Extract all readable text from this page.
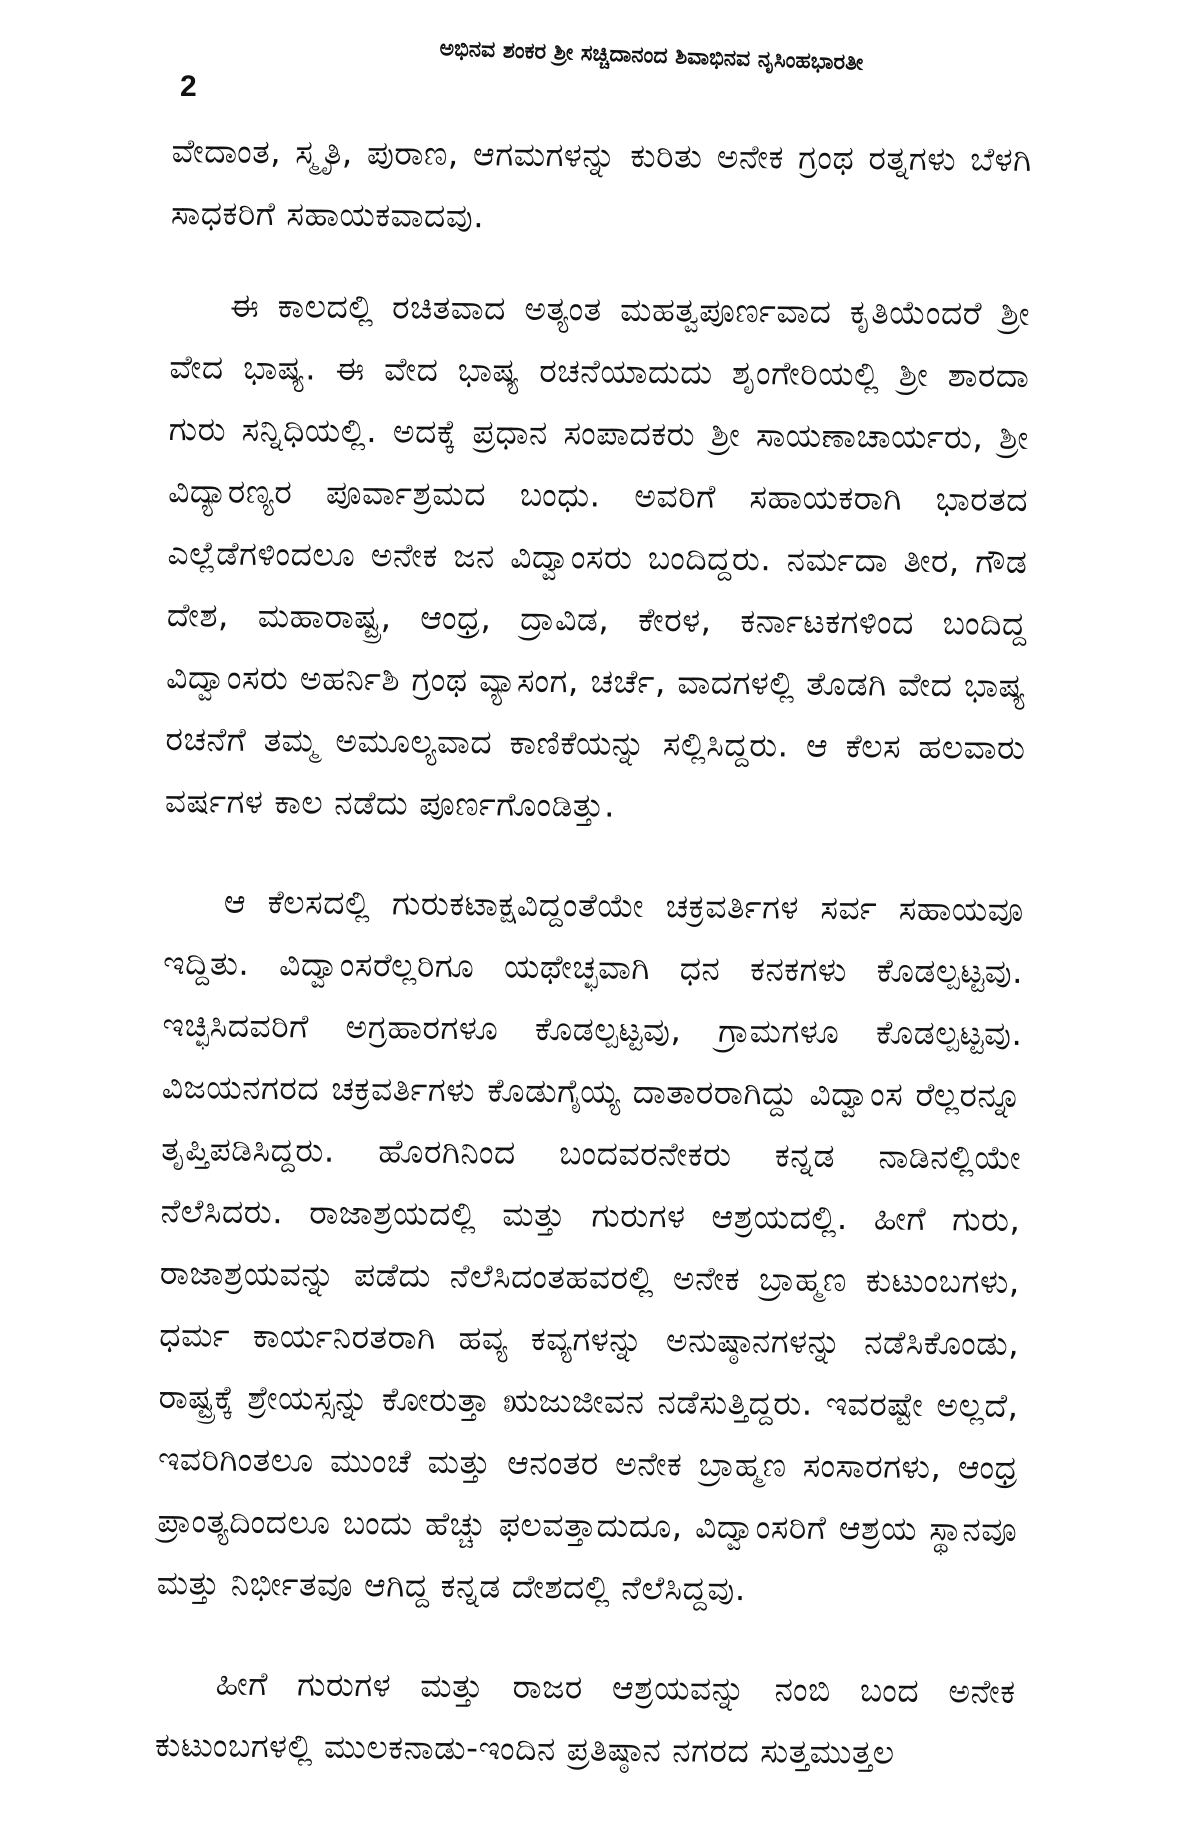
ಅಭಿನವ ಶಂಕರ ಶ್ರೀ ಸಚ್ಚಿದಾನಂದ ಶಿವಾಭಿನವ ನೃಸಿಂಹಭಾರತೀ
2

ವೇದಾಂತ, ಸ್ಮೃತಿ, ಪುರಾಣ, ಆಗಮಗಳನ್ನು ಕುರಿತು ಅನೇಕ ಗ್ರಂಥ ರತ್ನಗಳು ಬೆಳಗಿ ಸಾಧಕರಿಗೆ ಸಹಾಯಕವಾದವು.

ಈ ಕಾಲದಲ್ಲಿ ರಚಿತವಾದ ಅತ್ಯಂತ ಮಹತ್ವಪೂರ್ಣವಾದ ಕೃತಿಯೆಂದರೆ ಶ್ರೀ ವೇದ ಭಾಷ್ಯ. ಈ ವೇದ ಭಾಷ್ಯ ರಚನೆಯಾದುದು ಶೃಂಗೇರಿಯಲ್ಲಿ ಶ್ರೀ ಶಾರದಾ ಗುರು ಸನ್ನಿಧಿಯಲ್ಲಿ. ಅದಕ್ಕೆ ಪ್ರಧಾನ ಸಂಪಾದಕರು ಶ್ರೀ ಸಾಯಣಾಚಾರ್ಯರು, ಶ್ರೀ ವಿದ್ಯಾರಣ್ಯರ ಪೂರ್ವಾಶ್ರಮದ ಬಂಧು. ಅವರಿಗೆ ಸಹಾಯಕರಾಗಿ ಭಾರತದ ಎಲ್ಲೆಡೆಗಳಿಂದಲೂ ಅನೇಕ ಜನ ವಿದ್ವಾಂಸರು ಬಂದಿದ್ದರು. ನರ್ಮದಾ ತೀರ, ಗೌಡ ದೇಶ, ಮಹಾರಾಷ್ಟ್ರ, ಆಂಧ್ರ, ದ್ರಾವಿಡ, ಕೇರಳ, ಕರ್ನಾಟಕಗಳಿಂದ ಬಂದಿದ್ದ ವಿದ್ವಾಂಸರು ಅಹರ್ನಿಶಿ ಗ್ರಂಥ ವ್ಯಾಸಂಗ, ಚರ್ಚೆ, ವಾದಗಳಲ್ಲಿ ತೊಡಗಿ ವೇದ ಭಾಷ್ಯ ರಚನೆಗೆ ತಮ್ಮ ಅಮೂಲ್ಯವಾದ ಕಾಣಿಕೆಯನ್ನು ಸಲ್ಲಿಸಿದ್ದರು. ಆ ಕೆಲಸ ಹಲವಾರು ವರ್ಷಗಳ ಕಾಲ ನಡೆದು ಪೂರ್ಣಗೊಂಡಿತ್ತು.

ಆ ಕೆಲಸದಲ್ಲಿ ಗುರುಕಟಾಕ್ಷವಿದ್ದಂತೆಯೇ ಚಕ್ರವರ್ತಿಗಳ ಸರ್ವ ಸಹಾಯವೂ ಇದ್ದಿತು. ವಿದ್ವಾಂಸರೆಲ್ಲರಿಗೂ ಯಥೇಚ್ಛವಾಗಿ ಧನ ಕನಕಗಳು ಕೊಡಲ್ಪಟ್ಟವು. ಇಚ್ಛಿಸಿದವರಿಗೆ ಅಗ್ರಹಾರಗಳೂ ಕೊಡಲ್ಪಟ್ಟವು, ಗ್ರಾಮಗಳೂ ಕೊಡಲ್ಪಟ್ಟವು. ವಿಜಯನಗರದ ಚಕ್ರವರ್ತಿಗಳು ಕೊಡುಗೈಯ್ಯ ದಾತಾರರಾಗಿದ್ದು ವಿದ್ವಾಂಸ ರೆಲ್ಲರನ್ನೂ ತೃಪ್ತಿಪಡಿಸಿದ್ದರು. ಹೊರಗಿನಿಂದ ಬಂದವರನೇಕರು ಕನ್ನಡ ನಾಡಿನಲ್ಲಿಯೇ ನೆಲೆಸಿದರು. ರಾಜಾಶ್ರಯದಲ್ಲಿ ಮತ್ತು ಗುರುಗಳ ಆಶ್ರಯದಲ್ಲಿ. ಹೀಗೆ ಗುರು, ರಾಜಾಶ್ರಯವನ್ನು ಪಡೆದು ನೆಲೆಸಿದಂತಹವರಲ್ಲಿ ಅನೇಕ ಬ್ರಾಹ್ಮಣ ಕುಟುಂಬಗಳು, ಧರ್ಮ ಕಾರ್ಯನಿರತರಾಗಿ ಹವ್ಯ ಕವ್ಯಗಳನ್ನು ಅನುಷ್ಠಾನಗಳನ್ನು ನಡೆಸಿಕೊಂಡು, ರಾಷ್ಟ್ರಕ್ಕೆ ಶ್ರೇಯಸ್ಸನ್ನು ಕೋರುತ್ತಾ ಋಜುಜೀವನ ನಡೆಸುತ್ತಿದ್ದರು. ಇವರಷ್ಟೇ ಅಲ್ಲದೆ, ಇವರಿಗಿಂತಲೂ ಮುಂಚೆ ಮತ್ತು ಆನಂತರ ಅನೇಕ ಬ್ರಾಹ್ಮಣ ಸಂಸಾರಗಳು, ಆಂಧ್ರ ಪ್ರಾಂತ್ಯದಿಂದಲೂ ಬಂದು ಹೆಚ್ಚು ಫಲವತ್ತಾದುದೂ, ವಿದ್ವಾಂಸರಿಗೆ ಆಶ್ರಯ ಸ್ಥಾನವೂ ಮತ್ತು ನಿರ್ಭೀತವೂ ಆಗಿದ್ದ ಕನ್ನಡ ದೇಶದಲ್ಲಿ ನೆಲೆಸಿದ್ದವು.

ಹೀಗೆ ಗುರುಗಳ ಮತ್ತು ರಾಜರ ಆಶ್ರಯವನ್ನು ನಂಬಿ ಬಂದ ಅನೇಕ ಕುಟುಂಬಗಳಲ್ಲಿ ಮುಲಕನಾಡು-ಇಂದಿನ ಪ್ರತಿಷ್ಠಾನ ನಗರದ ಸುತ್ತಮುತ್ತಲ
